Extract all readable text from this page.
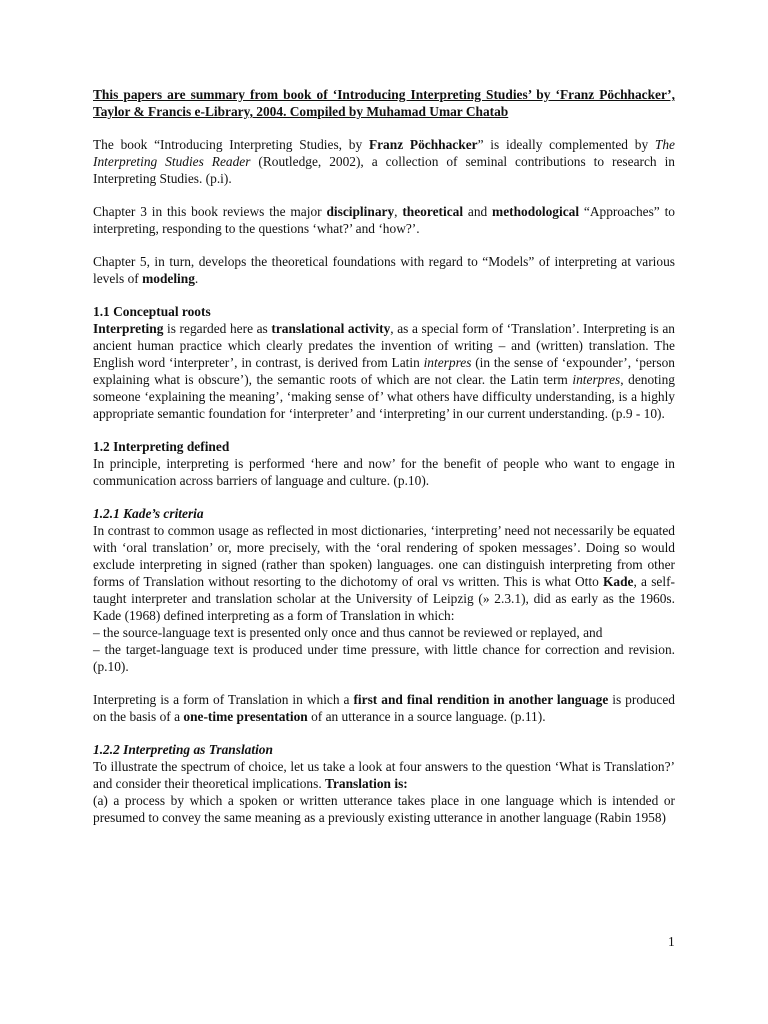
This papers are summary from book of ‘Introducing Interpreting Studies’ by ‘Franz Pöchhacker’, Taylor & Francis e-Library, 2004. Compiled by Muhamad Umar Chatab

The book “Introducing Interpreting Studies, by Franz Pöchhacker” is ideally complemented by The Interpreting Studies Reader (Routledge, 2002), a collection of seminal contributions to research in Interpreting Studies. (p.i).

Chapter 3 in this book reviews the major disciplinary, theoretical and methodological “Approaches” to interpreting, responding to the questions ‘what?’ and ‘how?’.

Chapter 5, in turn, develops the theoretical foundations with regard to “Models” of interpreting at various levels of modeling.

1.1 Conceptual roots

Interpreting is regarded here as translational activity, as a special form of ‘Translation’. Interpreting is an ancient human practice which clearly predates the invention of writing – and (written) translation. The English word ‘interpreter’, in contrast, is derived from Latin interpres (in the sense of ‘expounder’, ‘person explaining what is obscure’), the semantic roots of which are not clear. the Latin term interpres, denoting someone ‘explaining the meaning’, ‘making sense of’ what others have difficulty understanding, is a highly appropriate semantic foundation for ‘interpreter’ and ‘interpreting’ in our current understanding. (p.9 - 10).

1.2 Interpreting defined

In principle, interpreting is performed ‘here and now’ for the benefit of people who want to engage in communication across barriers of language and culture. (p.10).

1.2.1 Kade’s criteria

In contrast to common usage as reflected in most dictionaries, ‘interpreting’ need not necessarily be equated with ‘oral translation’ or, more precisely, with the ‘oral rendering of spoken messages’. Doing so would exclude interpreting in signed (rather than spoken) languages. one can distinguish interpreting from other forms of Translation without resorting to the dichotomy of oral vs written. This is what Otto Kade, a self-taught interpreter and translation scholar at the University of Leipzig (» 2.3.1), did as early as the 1960s. Kade (1968) defined interpreting as a form of Translation in which:

– the source-language text is presented only once and thus cannot be reviewed or replayed, and

– the target-language text is produced under time pressure, with little chance for correction and revision. (p.10).

Interpreting is a form of Translation in which a first and final rendition in another language is produced on the basis of a one-time presentation of an utterance in a source language. (p.11).

1.2.2 Interpreting as Translation

To illustrate the spectrum of choice, let us take a look at four answers to the question ‘What is Translation?’ and consider their theoretical implications. Translation is:

(a) a process by which a spoken or written utterance takes place in one language which is intended or presumed to convey the same meaning as a previously existing utterance in another language (Rabin 1958)

1
